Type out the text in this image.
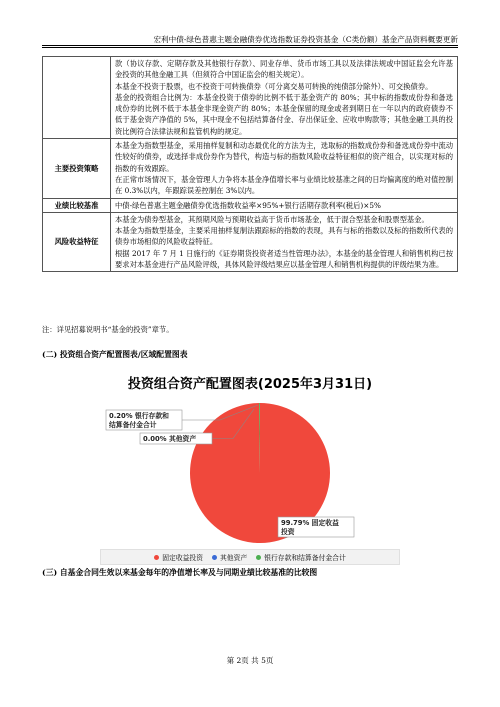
宏利中债-绿色普惠主题金融债券优选指数证券投资基金（C类份额）基金产品资料概要更新

	款（协议存款、定期存款及其他银行存款）、同业存单、货币市场工具以及法律法规或中国证监会允许基金投资的其他金融工具（但须符合中国证监会的相关规定）。

本基金不投资于股票，也不投资于可转换债券（可分离交易可转换的纯债部分除外）、可交换债券。

基金的投资组合比例为：本基金投资于债券的比例不低于基金资产的 80%；其中标的指数成份券和备选成份券的比例不低于本基金非现金资产的 80%；本基金保留的现金或者到期日在一年以内的政府债券不低于基金资产净值的 5%，其中现金不包括结算备付金、存出保证金、应收申购款等；其他金融工具的投资比例符合法律法规和监管机构的规定。

主要投资策略	本基金为指数型基金，采用抽样复制和动态最优化的方法为主，选取标的指数成份券和备选成份券中流动性较好的债券，或选择非成份券作为替代，构造与标的指数风险收益特征相似的资产组合，以实现对标的指数的有效跟踪。

在正常市场情况下，基金管理人力争将本基金净值增长率与业绩比较基准之间的日均偏离度的绝对值控制在 0.3%以内，年跟踪误差控制在 3%以内。

业绩比较基准	中债-绿色普惠主题金融债券优选指数收益率×95%+银行活期存款利率(税后)×5%
风险收益特征	本基金为债券型基金，其预期风险与预期收益高于货币市场基金，低于混合型基金和股票型基金。

本基金为指数型基金，主要采用抽样复制法跟踪标的指数的表现，具有与标的指数以及标的指数所代表的债券市场相似的风险收益特征。

根据 2017 年 7 月 1 日施行的《证券期货投资者适当性管理办法》，本基金的基金管理人和销售机构已按要求对本基金进行产品风险评级，具体风险评级结果应以基金管理人和销售机构提供的评级结果为准。

注：详见招募说明书“基金的投资”章节。
(二) 投资组合资产配置图表/区域配置图表
投资组合资产配置图表(2025年3月31日)
0.20% 银行存款和
结算备付金合计
0.00% 其他资产
99.79% 固定收益
投资
固定收益投资	其他资产	银行存款和结算备付金合计
(三) 自基金合同生效以来基金每年的净值增长率及与同期业绩比较基准的比较图
第 2页 共 5页
